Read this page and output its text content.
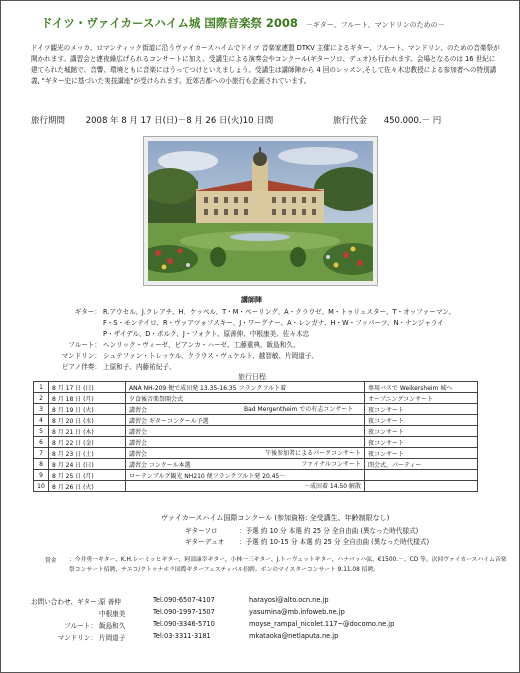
ドイツ・ヴァイカースハイム城 国際音楽祭 2008 －ギター、フルート、マンドリンのための－
ドイツ観光のメッカ、ロマンティック街道に沿うヴァイカースハイムでドイツ 音楽家連盟 DTKV 主催によるギター、フルート、マンドリン、のための音楽祭が開かれます。講習会と連夜繰広げられるコンサートに加え、受講生による演奏会やコンクール(ギターソロ、デュオ)も行われます。会場となるのは 16 世紀に建てられた城館で、音響、環境ともに音楽にはうってつけといえましょう。受講生は講師陣から 4 回のレッスン,そして佐々木忠教授による参加者への特別講義, "ギター史に基づいた実技講座"が受けられます。近郊古都への小旅行も企画されています。
旅行期間 2008 年 8 月 17 日(日)－8 月 26 日(火)10 日間	旅行代金 450.000.－ 円
講師陣
ギター： R.アウセル、J.クレアチ、H．ケッペル、T・M・ペーリング、A・クラウゼ、M・トゥリュスター、T・オッファーマン、
F・S・モンテイロ、R・ヴァアツォフスキー、J・ワーグナー、A・レンガナ、H・W・フッパーツ、N・ナンジャライ
P・ザイデル、D・ポルク、J・フォクト、原善伸、中根康美、佐々木忠
フルート： ヘンリック・ヴィーゼ、ビアンカ・ハーゼ、工藤重典、飯島和久、
マンドリン： シュテファン・トレッケル、クラウス・ヴュケルト、越智敏、片岡道子、
ピアノ伴奏： 上原和子、内藤祐紀子、
旅行日程
1	8 月 17 日 (日)	ANA NH-209 便で成田発 13.35-16.35 フランクフルト着	専用バスで Weikersheim 城へ
2	8 月 18 日 (月)	夕食後音楽祭開会式	オープニングコンサート
3	8 月 19 日 (火)	講習会 Bad Mergentheim での有志コンサート	夜コンサート
4	8 月 20 日 (水)	講習会 ギターコンクール予選	夜コンサート
5	8 月 21 日 (木)	講習会	夜コンサート
6	8 月 22 日 (金)	講習会	夜コンサート
7	8 月 23 日 (土)	講習会 午後参加者によるパークコンサート	夜コンサート
8	8 月 24 日 (日)	講習会 コンクール本選 ファイナルコンサート	閉会式、パーティー
9	8 月 25 日 (月)	ローテンブルグ観光 NH210 便フランクフルト発 20.45－	
10	8 月 26 日 (火)	－成田着 14.50 解散	

ヴァイカースハイム国際コンクール (参加資格: 全受講生、年齢制限なし)
ギターソロ	：予選 約 10 分 本選 約 25 分 全自由曲 (異なった時代様式)
ギターデュオ ：予選 約 10-15 分 本選 約 25 分 全自由曲 (異なった時代様式)
賞金 ：今井勇一ギター、K.H.レーミッヒギター、阿部康幸ギター、小林一三ギター、J.トーヴェットギター、ハナバッハ弦、€1500.－、CD 等。次回ヴァイカースハイム音楽祭コンサート招聘、チエコ/クトゥナホラ国際ギターフェスティバル招聘。ボンのマイスターコンサート 9.11.08 招聘。
お問い合わせ、ギター：
原 善伸	Tel.090-6507-4107	harayosi@alto.ocn.ne.jp
中根康美	Tel.090-1997-1507	yasumina@mb.infoweb.ne.jp
フルート： 飯島和久	Tel.090-3346-5710	moyse_rampal_nicolet.117~@docomo.ne.jp
マンドリン： 片岡道子	Tel:03-3311-3181	mkataoka@netlaputa.ne.jp
